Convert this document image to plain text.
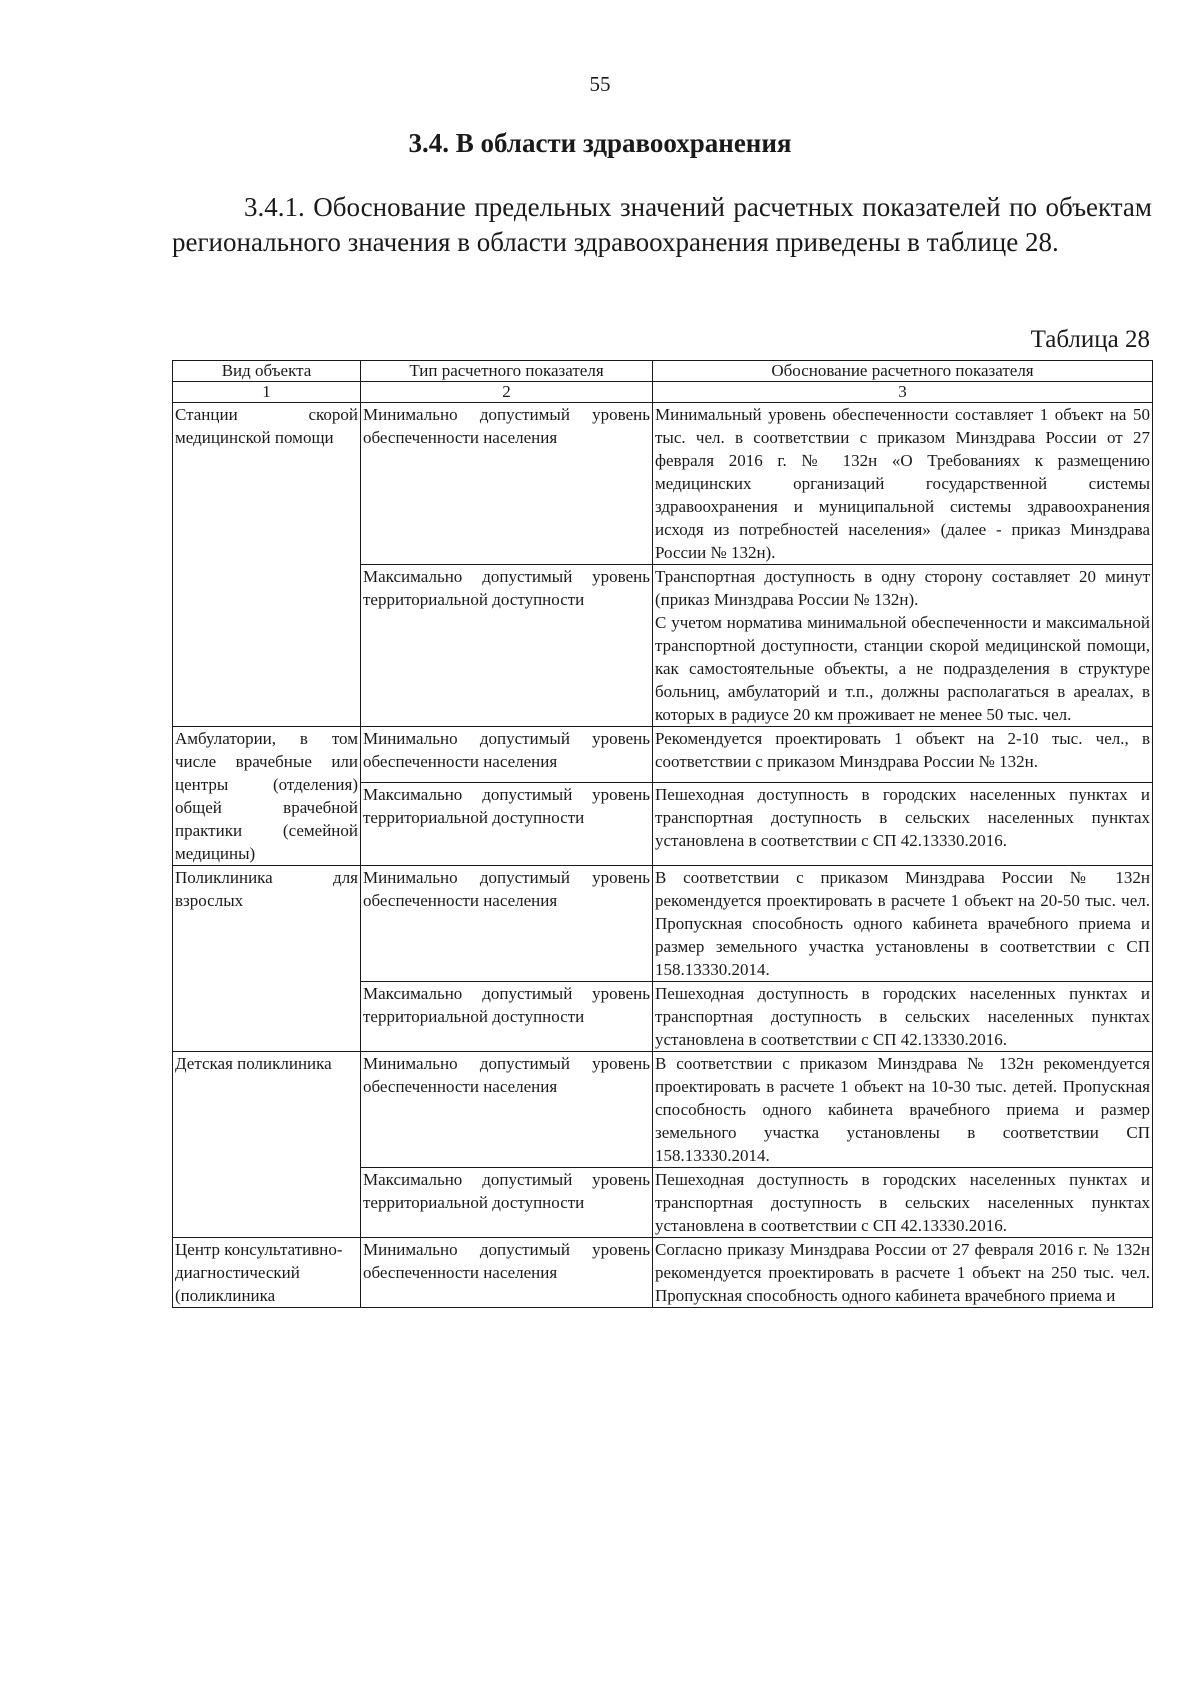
55
3.4. В области здравоохранения

3.4.1. Обоснование предельных значений расчетных показателей по объектам регионального значения в области здравоохранения приведены в таблице 28.

Таблица 28
Вид объекта	Тип расчетного показателя	Обоснование расчетного показателя
1	2	3
Станции скорой медицинской помощи	Минимально допустимый уровень обеспеченности населения	Минимальный уровень обеспеченности составляет 1 объект на 50 тыс. чел. в соответствии с приказом Минздрава России от 27 февраля 2016 г. № 132н «О Требованиях к размещению медицинских организаций государственной системы здравоохранения и муниципальной системы здравоохранения исходя из потребностей населения» (далее - приказ Минздрава России № 132н).
	Максимально допустимый уровень территориальной доступности	Транспортная доступность в одну сторону составляет 20 минут (приказ Минздрава России № 132н).
С учетом норматива минимальной обеспеченности и максимальной транспортной доступности, станции скорой медицинской помощи, как самостоятельные объекты, а не подразделения в структуре больниц, амбулаторий и т.п., должны располагаться в ареалах, в которых в радиусе 20 км проживает не менее 50 тыс. чел.

Амбулатории, в том числе врачебные или центры (отделения) общей врачебной практики (семейной медицины)	Минимально допустимый уровень обеспеченности населения	Рекомендуется проектировать 1 объект на 2-10 тыс. чел., в соответствии с приказом Минздрава России № 132н.
	Максимально допустимый уровень территориальной доступности	Пешеходная доступность в городских населенных пунктах и транспортная доступность в сельских населенных пунктах установлена в соответствии с СП 42.13330.2016.
Поликлиника для взрослых	Минимально допустимый уровень обеспеченности населения	В соответствии с приказом Минздрава России № 132н рекомендуется проектировать в расчете 1 объект на 20-50 тыс. чел. Пропускная способность одного кабинета врачебного приема и размер земельного участка установлены в соответствии с СП 158.13330.2014.
	Максимально допустимый уровень территориальной доступности	Пешеходная доступность в городских населенных пунктах и транспортная доступность в сельских населенных пунктах установлена в соответствии с СП 42.13330.2016.
Детская поликлиника	Минимально допустимый уровень обеспеченности населения	В соответствии с приказом Минздрава № 132н рекомендуется проектировать в расчете 1 объект на 10-30 тыс. детей. Пропускная способность одного кабинета врачебного приема и размер земельного участка установлены в соответствии СП 158.13330.2014.
	Максимально допустимый уровень территориальной доступности	Пешеходная доступность в городских населенных пунктах и транспортная доступность в сельских населенных пунктах установлена в соответствии с СП 42.13330.2016.
Центр консультативно-диагностический (поликлиника	Минимально допустимый уровень обеспеченности населения	Согласно приказу Минздрава России от 27 февраля 2016 г. № 132н рекомендуется проектировать в расчете 1 объект на 250 тыс. чел. Пропускная способность одного кабинета врачебного приема и
